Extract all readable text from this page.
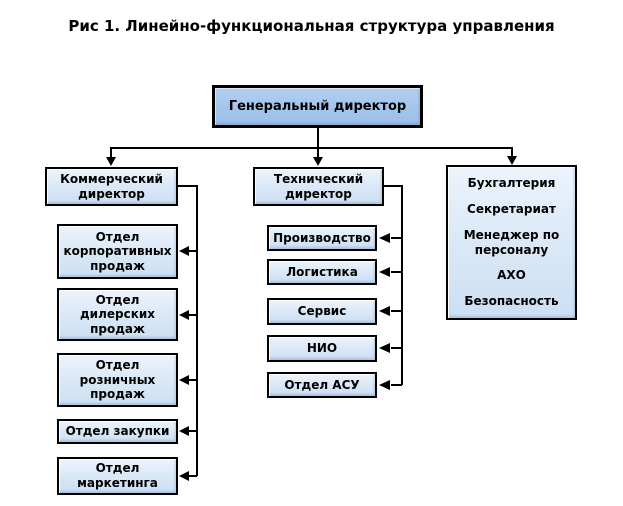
Рис 1. Линейно-функциональная структура управления
Генеральный директор
Коммерческий директор
Технический директор
Бухгалтерия
Секретариат
Менеджер по персоналу
АХО
Безопасность
Отдел корпоративных продаж
Отдел дилерских продаж
Отдел розничных продаж
Отдел закупки
Отдел маркетинга
Производство
Логистика
Сервис
НИО
Отдел АСУ
